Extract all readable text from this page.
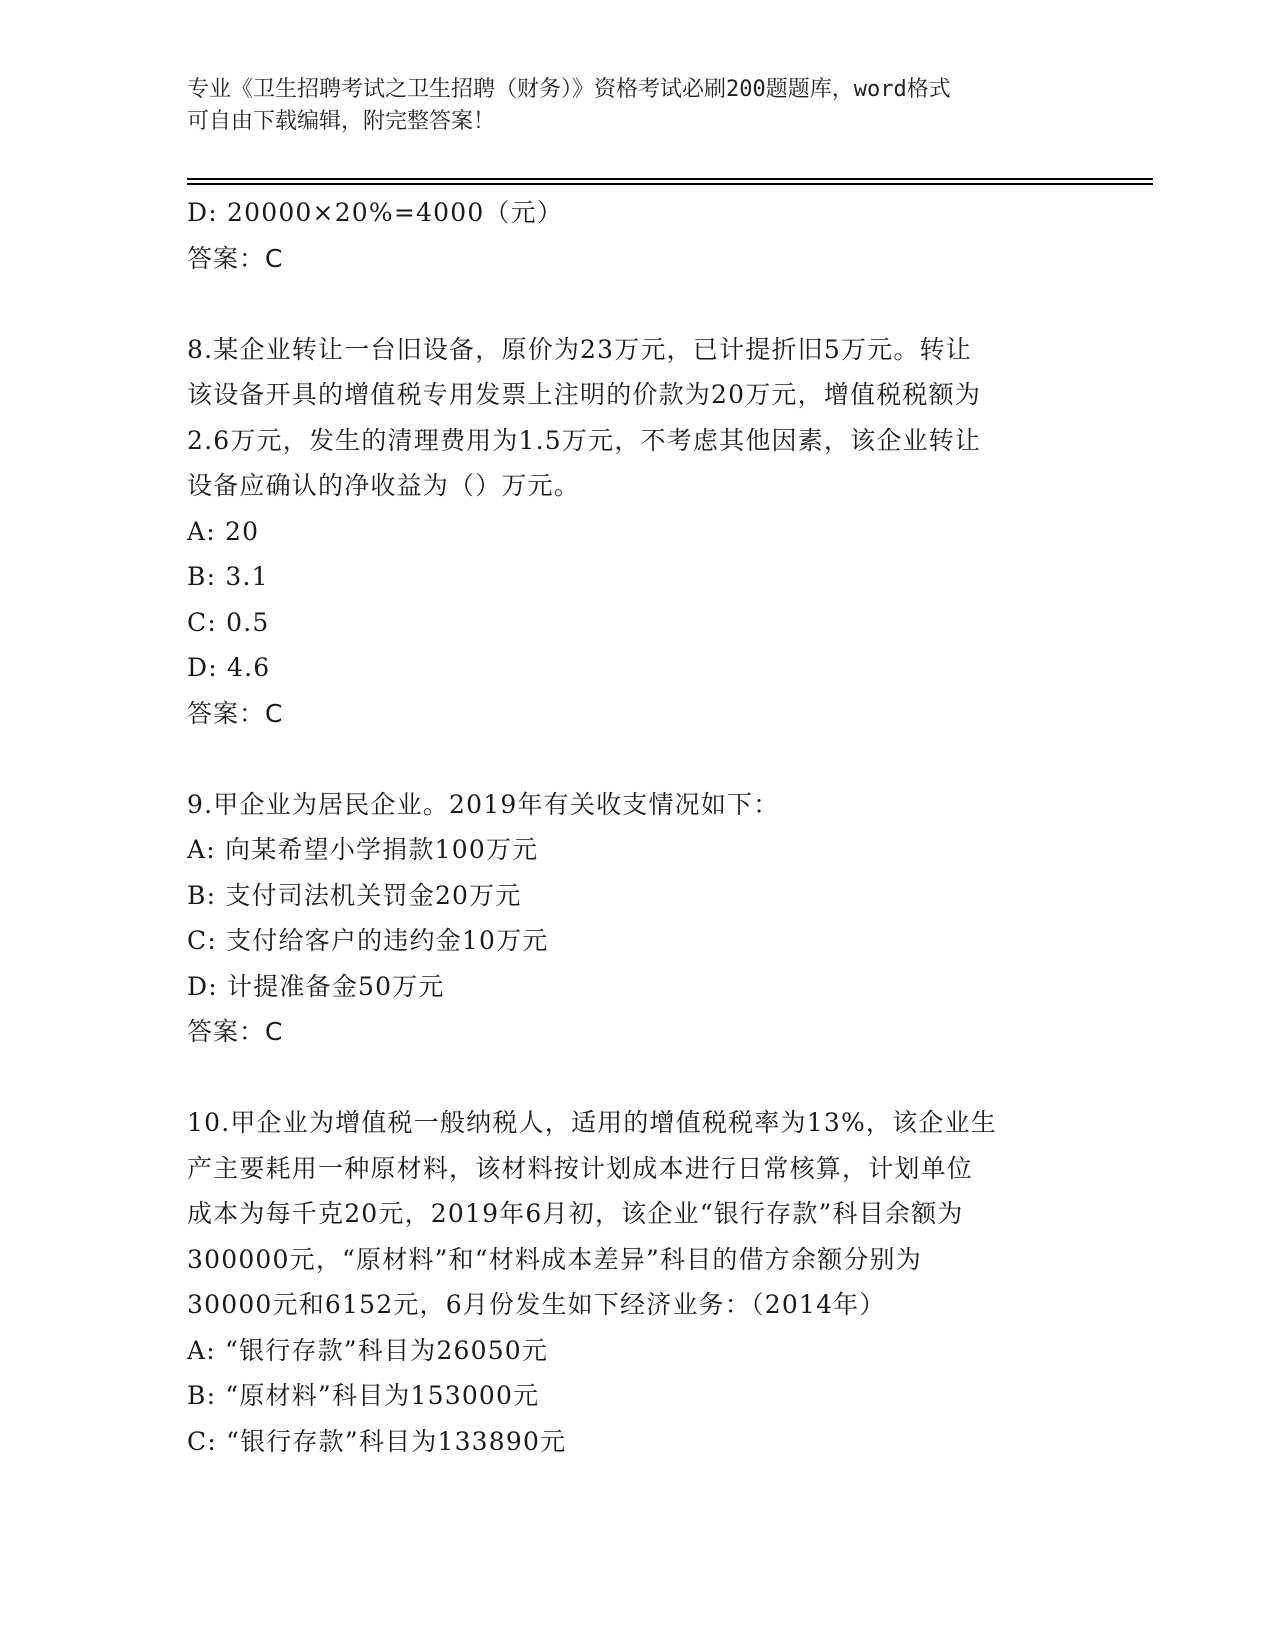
专业《卫生招聘考试之卫生招聘（财务）》资格考试必刷200题题库，word格式
可自由下载编辑，附完整答案！
D: 20000×20%=4000（元）
答案：C
8.某企业转让一台旧设备，原价为23万元，已计提折旧5万元。转让
该设备开具的增值税专用发票上注明的价款为20万元，增值税税额为
2.6万元，发生的清理费用为1.5万元，不考虑其他因素，该企业转让
设备应确认的净收益为（）万元。
A: 20
B: 3.1
C: 0.5
D: 4.6
答案：C
9.甲企业为居民企业。2019年有关收支情况如下：
A: 向某希望小学捐款100万元
B: 支付司法机关罚金20万元
C: 支付给客户的违约金10万元
D: 计提准备金50万元
答案：C
10.甲企业为增值税一般纳税人，适用的增值税税率为13%，该企业生
产主要耗用一种原材料，该材料按计划成本进行日常核算，计划单位
成本为每千克20元，2019年6月初，该企业“银行存款”科目余额为
300000元，“原材料”和“材料成本差异”科目的借方余额分别为
30000元和6152元，6月份发生如下经济业务：（2014年）
A: “银行存款”科目为26050元
B: “原材料”科目为153000元
C: “银行存款”科目为133890元
